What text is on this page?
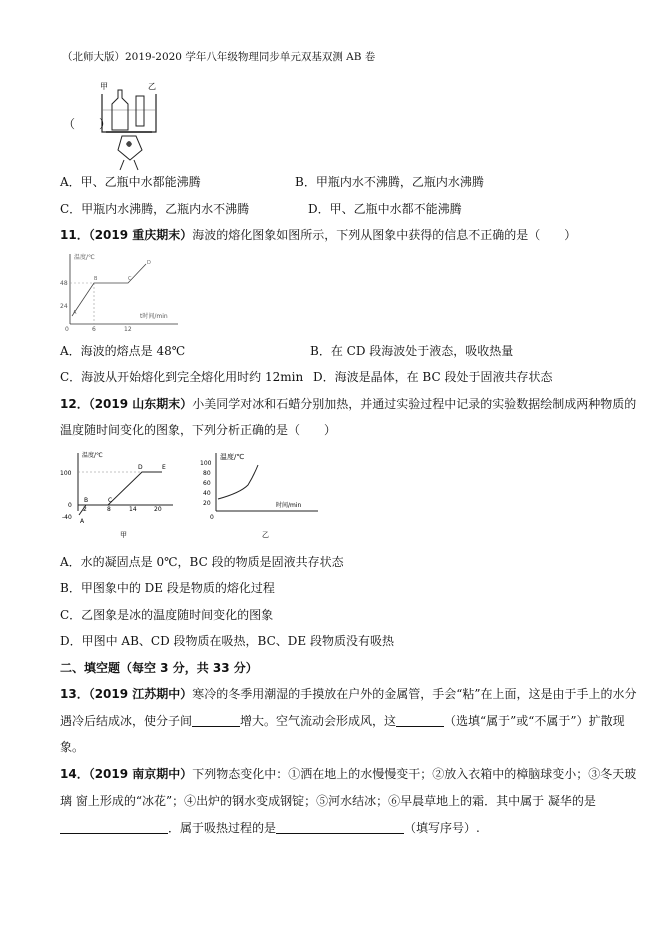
（北师大版）2019-2020 学年八年级物理同步单元双基双测 AB 卷
甲	乙
（　　）
A．甲、乙瓶中水都能沸腾	B．甲瓶内水不沸腾，乙瓶内水沸腾
C．甲瓶内水沸腾，乙瓶内水不沸腾	D．甲、乙瓶中水都不能沸腾
11．（2019 重庆期末）海波的熔化图象如图所示，下列从图象中获得的信息不正确的是（　　）
温度/℃
48
24
0	6	12
t时间/min
A
B	C
D
A．海波的熔点是 48℃	B．在 CD 段海波处于液态，吸收热量
C．海波从开始熔化到完全熔化用时约 12min D．海波是晶体，在 BC 段处于固液共存状态
12．（2019 山东期末）小美同学对冰和石蜡分别加热，并通过实验过程中记录的实验数据绘制成两种物质的
温度随时间变化的图象，下列分析正确的是（　　）
温度/℃
100
0
-40
2	8	14	20
A
B	C
D	E
甲
温度/℃
100
80
60
40
20
0
时间/min
乙
A．水的凝固点是 0℃，BC 段的物质是固液共存状态
B．甲图象中的 DE 段是物质的熔化过程
C．乙图象是冰的温度随时间变化的图象
D．甲图中 AB、CD 段物质在吸热，BC、DE 段物质没有吸热
二、填空题（每空 3 分，共 33 分）
13．（2019 江苏期中）寒冷的冬季用潮湿的手摸放在户外的金属管，手会“粘”在上面，这是由于手上的水分
遇冷后结成冰，使分子间	增大。空气流动会形成风，这	（选填“属于”或“不属于”）扩散现
象。
14．（2019 南京期中）下列物态变化中：①洒在地上的水慢慢变干；②放入衣箱中的樟脑球变小；③冬天玻
璃 窗上形成的“冰花”；④出炉的钢水变成钢锭；⑤河水结冰；⑥早晨草地上的霜．其中属于 凝华的是
．属于吸热过程的是	（填写序号）.
